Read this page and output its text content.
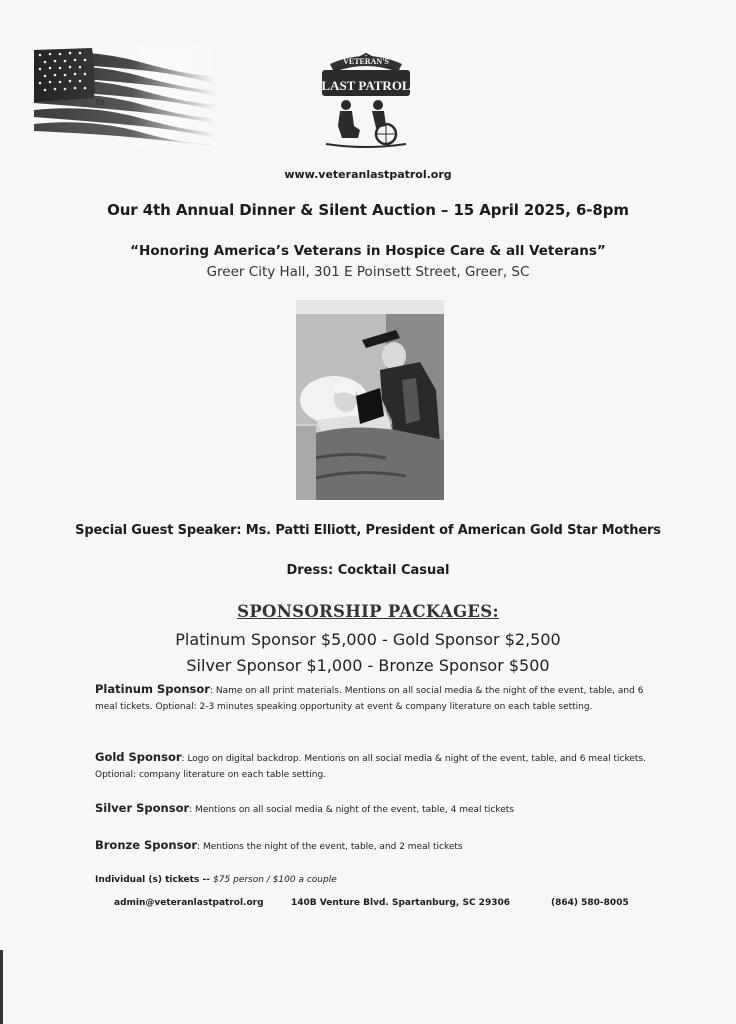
ta
VETERAN'S
LAST PATROL
www.veteranlastpatrol.org
Our 4th Annual Dinner & Silent Auction – 15 April 2025, 6-8pm
“Honoring America’s Veterans in Hospice Care & all Veterans”
Greer City Hall, 301 E Poinsett Street, Greer, SC
Special Guest Speaker: Ms. Patti Elliott, President of American Gold Star Mothers
Dress: Cocktail Casual
SPONSORSHIP PACKAGES:
Platinum Sponsor $5,000 - Gold Sponsor $2,500
Silver Sponsor $1,000 - Bronze Sponsor $500
Platinum Sponsor: Name on all print materials. Mentions on all social media & the night of the event, table, and 6 meal tickets. Optional: 2-3 minutes speaking opportunity at event & company literature on each table setting.
Gold Sponsor: Logo on digital backdrop. Mentions on all social media & night of the event, table, and 6 meal tickets. Optional: company literature on each table setting.
Silver Sponsor: Mentions on all social media & night of the event, table, 4 meal tickets
Bronze Sponsor: Mentions the night of the event, table, and 2 meal tickets
Individual (s) tickets -- $75 person / $100 a couple
admin@veteranlastpatrol.org	140B Venture Blvd. Spartanburg, SC 29306	(864) 580-8005
